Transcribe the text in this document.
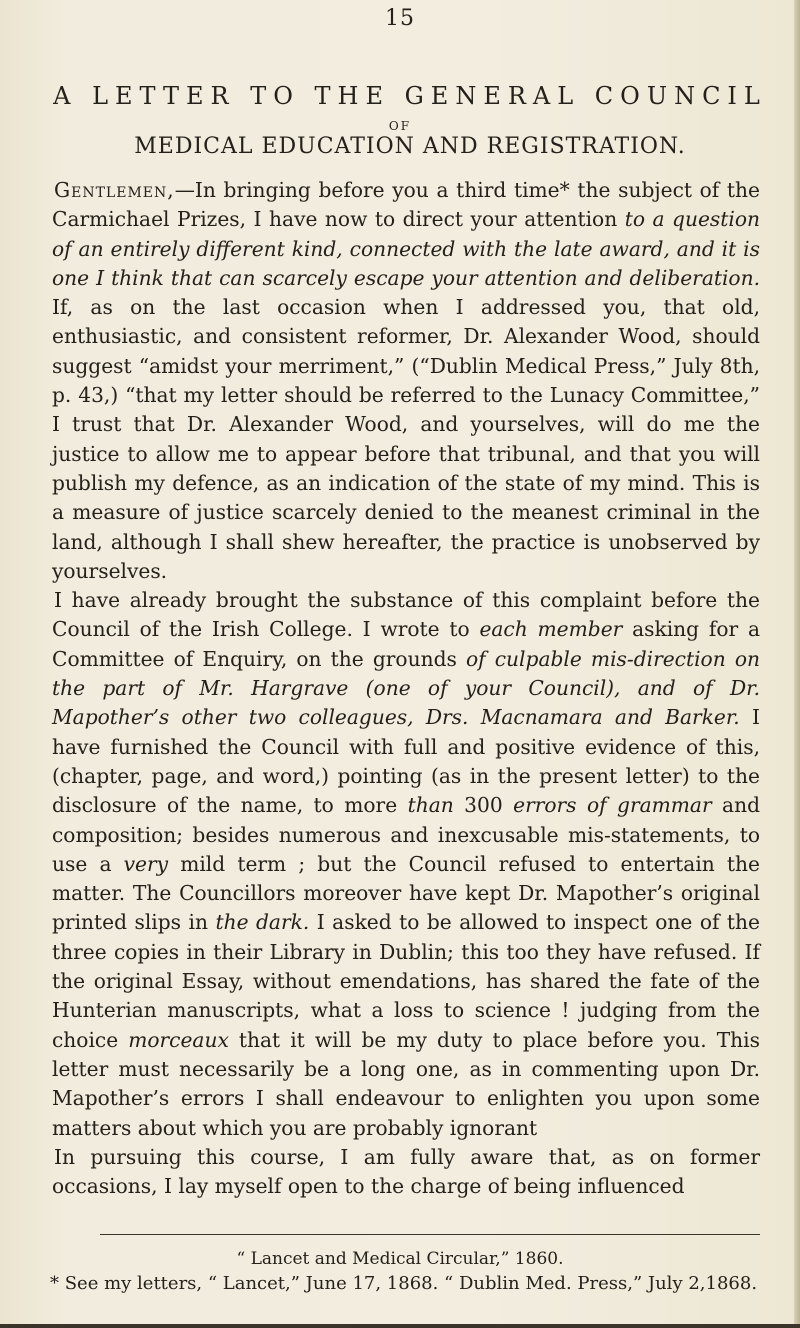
15

A LETTER TO THE GENERAL COUNCIL

OF

MEDICAL EDUCATION AND REGISTRATION.

Gentlemen,—In bringing before you a third time* the subject of the Carmichael Prizes, I have now to direct your attention to a question of an entirely different kind, connected with the late award, and it is one I think that can scarcely escape your attention and deliberation. If, as on the last occasion when I addressed you, that old, enthusiastic, and consistent reformer, Dr. Alexander Wood, should suggest “amidst your merriment,” (“Dublin Medical Press,” July 8th, p. 43,) “that my letter should be referred to the Lunacy Committee,” I trust that Dr. Alexander Wood, and yourselves, will do me the justice to allow me to appear before that tribunal, and that you will publish my defence, as an indication of the state of my mind. This is a measure of justice scarcely denied to the meanest criminal in the land, although I shall shew hereafter, the practice is unobserved by yourselves.

I have already brought the substance of this complaint before the Council of the Irish College. I wrote to each member asking for a Committee of Enquiry, on the grounds of culpable mis-direction on the part of Mr. Hargrave (one of your Council), and of Dr. Mapother’s other two colleagues, Drs. Macnamara and Barker. I have furnished the Council with full and positive evidence of this, (chapter, page, and word,) pointing (as in the present letter) to the disclosure of the name, to more than 300 errors of grammar and composition; besides numerous and inexcusable mis-statements, to use a very mild term ; but the Council refused to entertain the matter. The Councillors moreover have kept Dr. Mapother’s original printed slips in the dark. I asked to be allowed to inspect one of the three copies in their Library in Dublin; this too they have refused. If the original Essay, without emendations, has shared the fate of the Hunterian manuscripts, what a loss to science ! judging from the choice morceaux that it will be my duty to place before you. This letter must necessarily be a long one, as in commenting upon Dr. Mapother’s errors I shall endeavour to enlighten you upon some matters about which you are probably ignorant

In pursuing this course, I am fully aware that, as on former occasions, I lay myself open to the charge of being influenced

“ Lancet and Medical Circular,” 1860.

* See my letters, “ Lancet,” June 17, 1868. “ Dublin Med. Press,” July 2,1868.
